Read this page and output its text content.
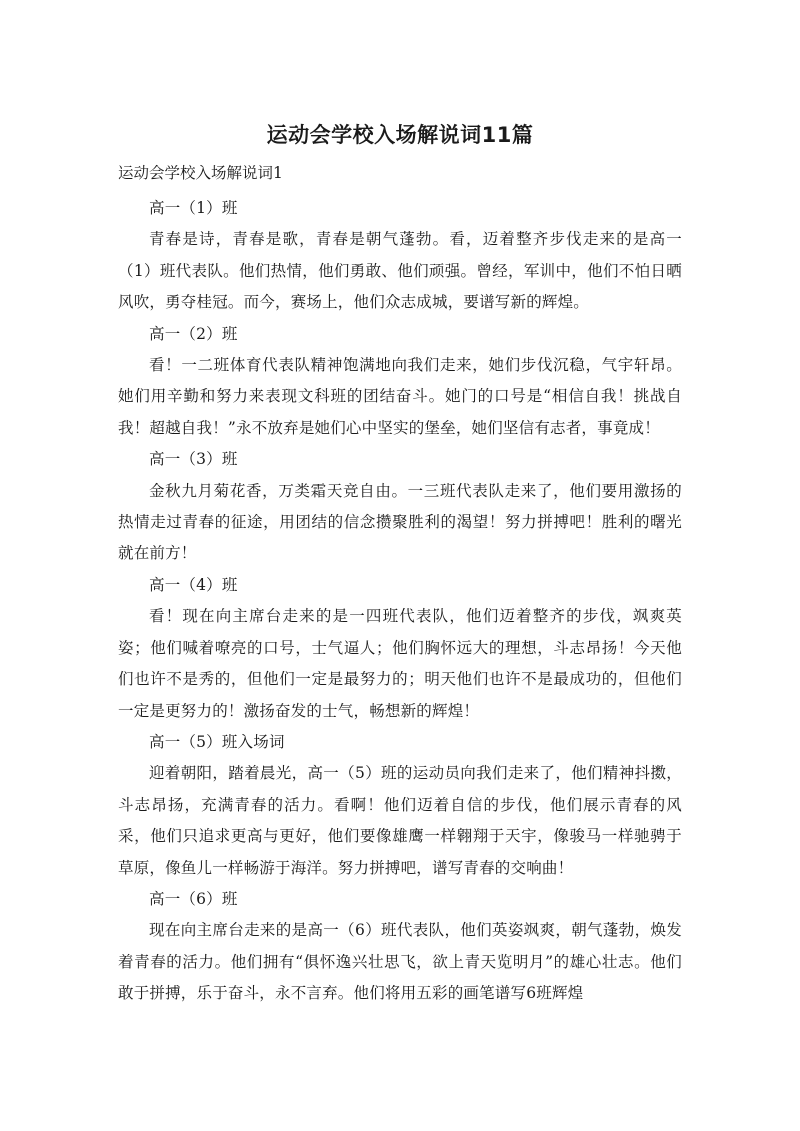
运动会学校入场解说词11篇
运动会学校入场解说词1

高一（1）班

青春是诗，青春是歌，青春是朝气蓬勃。看，迈着整齐步伐走来的是高一（1）班代表队。他们热情，他们勇敢、他们顽强。曾经，军训中，他们不怕日晒风吹，勇夺桂冠。而今，赛场上，他们众志成城，要谱写新的辉煌。

高一（2）班

看！一二班体育代表队精神饱满地向我们走来，她们步伐沉稳，气宇轩昂。她们用辛勤和努力来表现文科班的团结奋斗。她门的口号是“相信自我！挑战自我！超越自我！”永不放弃是她们心中坚实的堡垒，她们坚信有志者，事竟成！

高一（3）班

金秋九月菊花香，万类霜天竞自由。一三班代表队走来了，他们要用激扬的热情走过青春的征途，用团结的信念攒聚胜利的渴望！努力拼搏吧！胜利的曙光就在前方！

高一（4）班

看！现在向主席台走来的是一四班代表队，他们迈着整齐的步伐，飒爽英姿；他们喊着嘹亮的口号，士气逼人；他们胸怀远大的理想，斗志昂扬！今天他们也许不是秀的，但他们一定是最努力的；明天他们也许不是最成功的，但他们一定是更努力的！激扬奋发的士气，畅想新的辉煌！

高一（5）班入场词

迎着朝阳，踏着晨光，高一（5）班的运动员向我们走来了，他们精神抖擞，斗志昂扬，充满青春的活力。看啊！他们迈着自信的步伐，他们展示青春的风采，他们只追求更高与更好，他们要像雄鹰一样翱翔于天宇，像骏马一样驰骋于草原，像鱼儿一样畅游于海洋。努力拼搏吧，谱写青春的交响曲！

高一（6）班

现在向主席台走来的是高一（6）班代表队，他们英姿飒爽，朝气蓬勃，焕发着青春的活力。他们拥有“俱怀逸兴壮思飞，欲上青天览明月”的雄心壮志。他们敢于拼搏，乐于奋斗，永不言弃。他们将用五彩的画笔谱写6班辉煌
